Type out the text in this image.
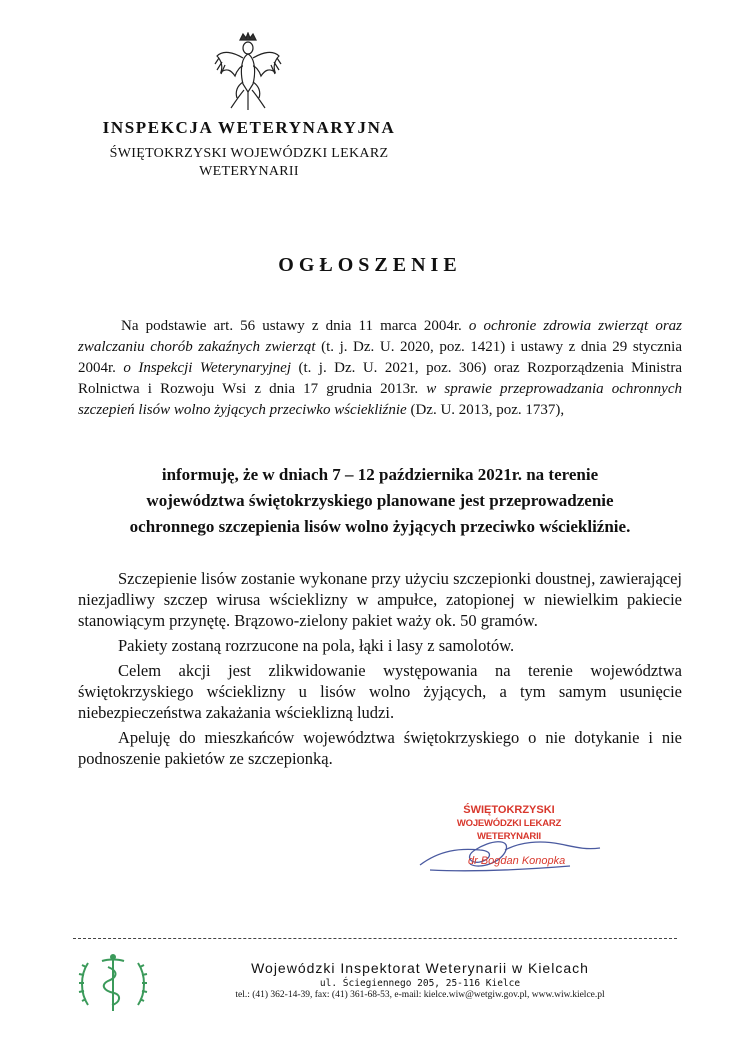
INSPEKCJA WETERYNARYJNA
ŚWIĘTOKRZYSKI WOJEWÓDZKI LEKARZ
WETERYNARII
OGŁOSZENIE

Na podstawie art. 56 ustawy z dnia 11 marca 2004r. o ochronie zdrowia zwierząt oraz zwalczaniu chorób zakaźnych zwierząt (t. j. Dz. U. 2020, poz. 1421) i ustawy z dnia 29 stycznia 2004r. o Inspekcji Weterynaryjnej (t. j. Dz. U. 2021, poz. 306) oraz Rozporządzenia Ministra Rolnictwa i Rozwoju Wsi z dnia 17 grudnia 2013r. w sprawie przeprowadzania ochronnych szczepień lisów wolno żyjących przeciwko wściekliźnie (Dz. U. 2013, poz. 1737),

informuję, że w dniach 7 – 12 października 2021r. na terenie
województwa świętokrzyskiego planowane jest przeprowadzenie
ochronnego szczepienia lisów wolno żyjących przeciwko wściekliźnie.

Szczepienie lisów zostanie wykonane przy użyciu szczepionki doustnej, zawierającej niezjadliwy szczep wirusa wścieklizny w ampułce, zatopionej w niewielkim pakiecie stanowiącym przynętę. Brązowo-zielony pakiet waży ok. 50 gramów.

Pakiety zostaną rozrzucone na pola, łąki i lasy z samolotów.

Celem akcji jest zlikwidowanie występowania na terenie województwa świętokrzyskiego wścieklizny u lisów wolno żyjących, a tym samym usunięcie niebezpieczeństwa zakażania wścieklizną ludzi.

Apeluję do mieszkańców województwa świętokrzyskiego o nie dotykanie i nie podnoszenie pakietów ze szczepionką.

ŚWIĘTOKRZYSKI
WOJEWÓDZKI LEKARZ WETERYNARII
dr Bogdan Konopka
Wojewódzki Inspektorat Weterynarii w Kielcach
ul. Ściegiennego 205, 25-116 Kielce
tel.: (41) 362-14-39, fax: (41) 361-68-53, e-mail: kielce.wiw@wetgiw.gov.pl, www.wiw.kielce.pl
